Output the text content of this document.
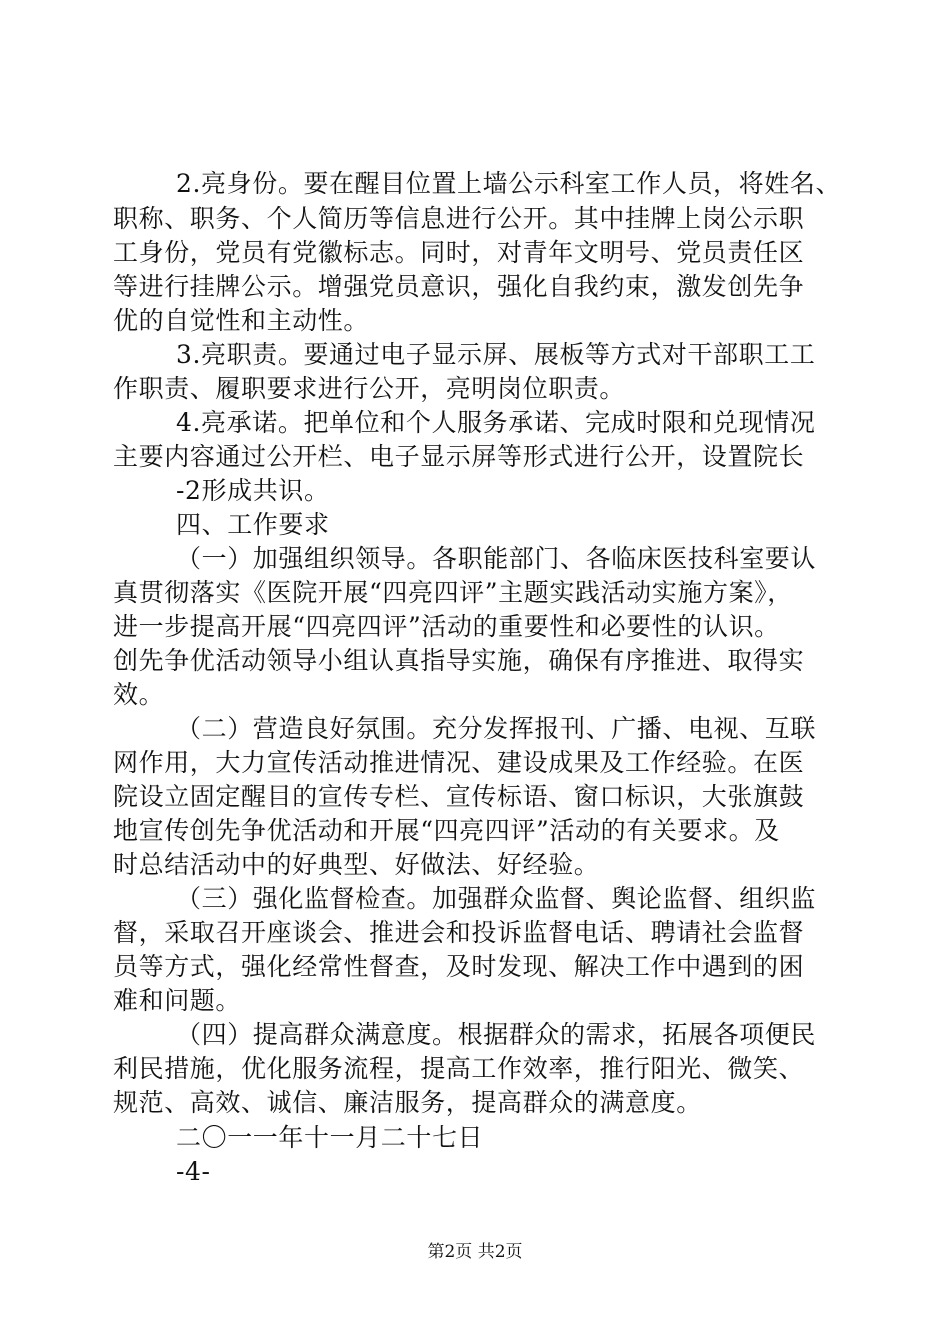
2.亮身份。要在醒目位置上墙公示科室工作人员，将姓名、
职称、职务、个人简历等信息进行公开。其中挂牌上岗公示职
工身份，党员有党徽标志。同时，对青年文明号、党员责任区
等进行挂牌公示。增强党员意识，强化自我约束，激发创先争
优的自觉性和主动性。
3.亮职责。要通过电子显示屏、展板等方式对干部职工工
作职责、履职要求进行公开，亮明岗位职责。
4.亮承诺。把单位和个人服务承诺、完成时限和兑现情况
主要内容通过公开栏、电子显示屏等形式进行公开，设置院长
-2形成共识。
四、工作要求
（一）加强组织领导。各职能部门、各临床医技科室要认
真贯彻落实《医院开展“四亮四评”主题实践活动实施方案》，
进一步提高开展“四亮四评”活动的重要性和必要性的认识。
创先争优活动领导小组认真指导实施，确保有序推进、取得实
效。
（二）营造良好氛围。充分发挥报刊、广播、电视、互联
网作用，大力宣传活动推进情况、建设成果及工作经验。在医
院设立固定醒目的宣传专栏、宣传标语、窗口标识，大张旗鼓
地宣传创先争优活动和开展“四亮四评”活动的有关要求。及
时总结活动中的好典型、好做法、好经验。
（三）强化监督检查。加强群众监督、舆论监督、组织监
督，采取召开座谈会、推进会和投诉监督电话、聘请社会监督
员等方式，强化经常性督查，及时发现、解决工作中遇到的困
难和问题。
（四）提高群众满意度。根据群众的需求，拓展各项便民
利民措施，优化服务流程，提高工作效率，推行阳光、微笑、
规范、高效、诚信、廉洁服务，提高群众的满意度。
二〇一一年十一月二十七日
-4-
第2页 共2页
